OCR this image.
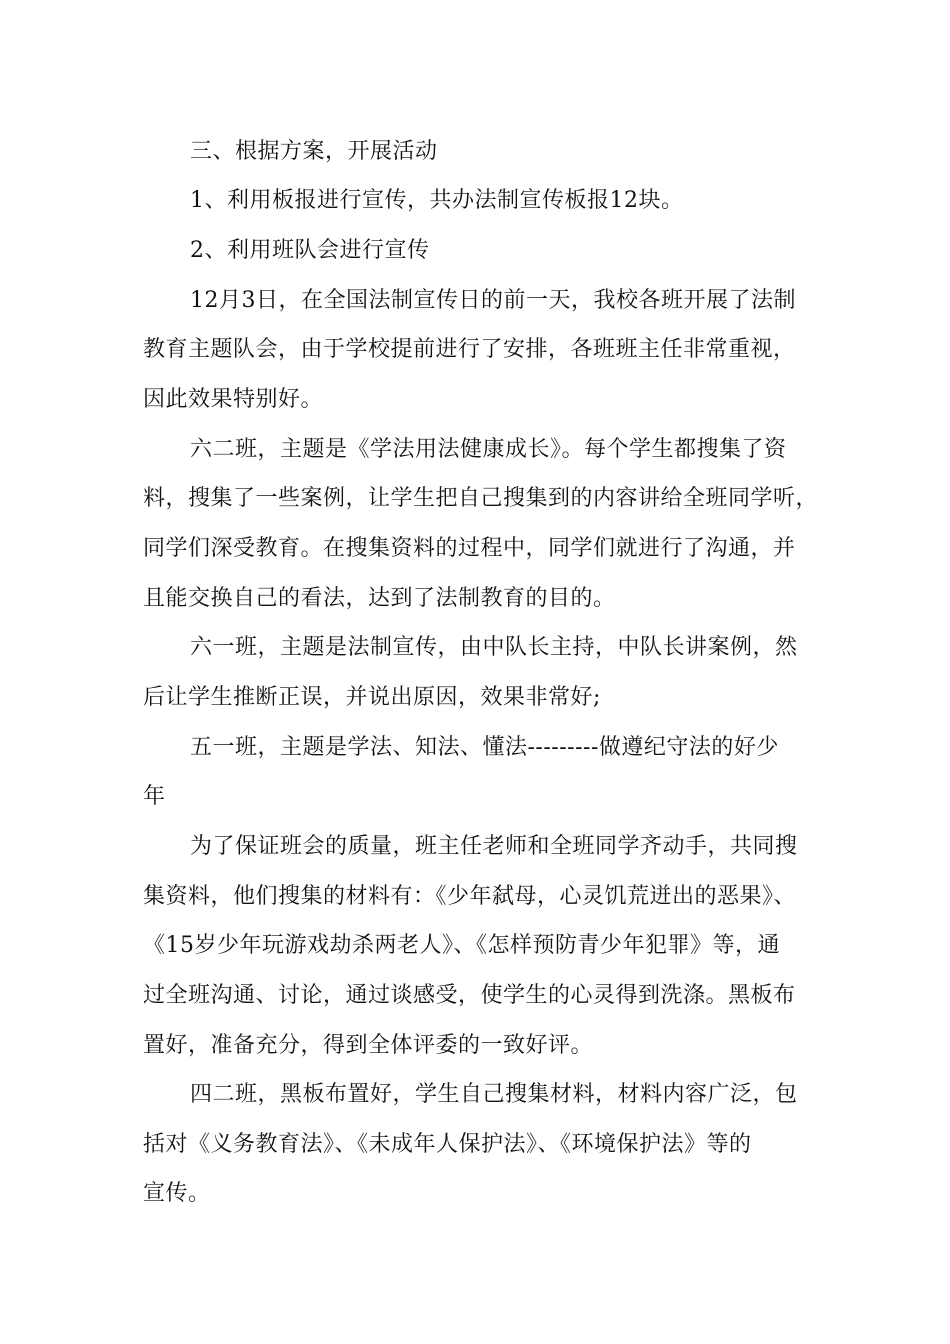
三、根据方案，开展活动

1、利用板报进行宣传，共办法制宣传板报12块。

2、利用班队会进行宣传

12月3日，在全国法制宣传日的前一天，我校各班开展了法制

教育主题队会，由于学校提前进行了安排，各班班主任非常重视，

因此效果特别好。

六二班，主题是《学法用法健康成长》。每个学生都搜集了资

料，搜集了一些案例，让学生把自己搜集到的内容讲给全班同学听，

同学们深受教育。在搜集资料的过程中，同学们就进行了沟通，并

且能交换自己的看法，达到了法制教育的目的。

六一班，主题是法制宣传，由中队长主持，中队长讲案例，然

后让学生推断正误，并说出原因，效果非常好;

五一班，主题是学法、知法、懂法---------做遵纪守法的好少

年

为了保证班会的质量，班主任老师和全班同学齐动手，共同搜

集资料，他们搜集的材料有：《少年弑母，心灵饥荒迸出的恶果》、

《15岁少年玩游戏劫杀两老人》、《怎样预防青少年犯罪》等，通

过全班沟通、讨论，通过谈感受，使学生的心灵得到洗涤。黑板布

置好，准备充分，得到全体评委的一致好评。

四二班，黑板布置好，学生自己搜集材料，材料内容广泛，包

括对《义务教育法》、《未成年人保护法》、《环境保护法》等的

宣传。
